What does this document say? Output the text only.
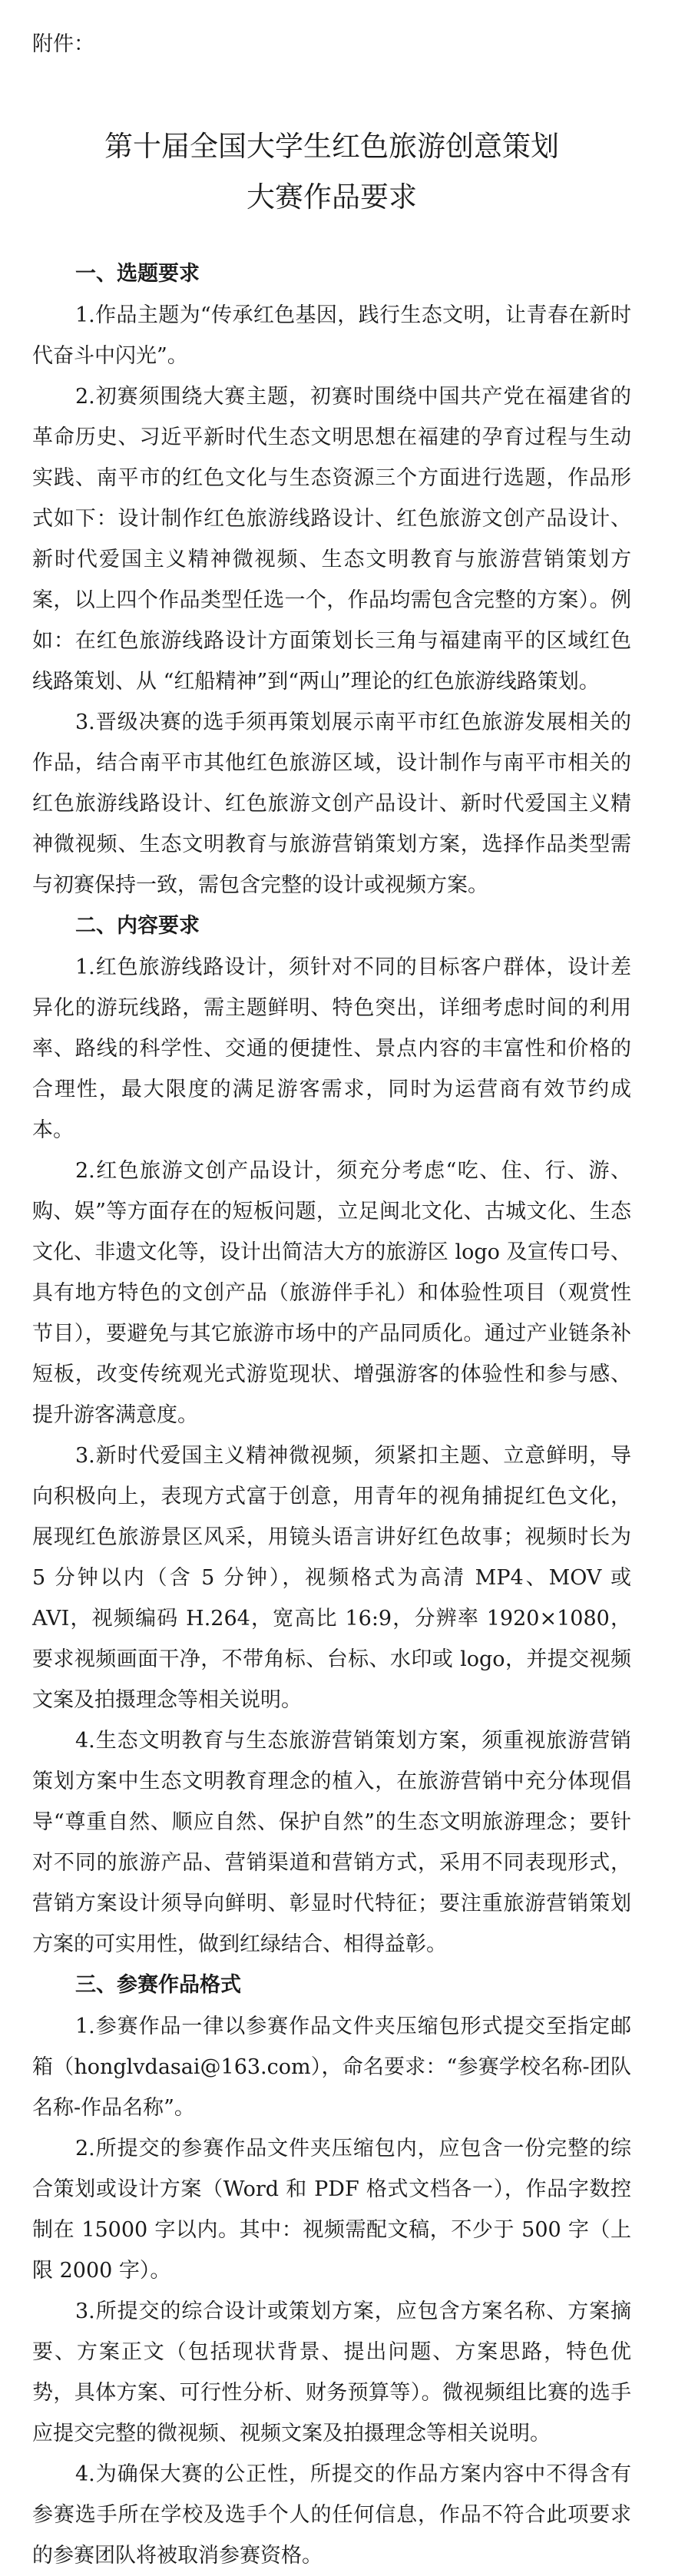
附件：

第十届全国大学生红色旅游创意策划

大赛作品要求

一、选题要求

1.作品主题为“传承红色基因，践行生态文明，让青春在新时代奋斗中闪光”。

2.初赛须围绕大赛主题，初赛时围绕中国共产党在福建省的革命历史、习近平新时代生态文明思想在福建的孕育过程与生动实践、南平市的红色文化与生态资源三个方面进行选题，作品形式如下：设计制作红色旅游线路设计、红色旅游文创产品设计、新时代爱国主义精神微视频、生态文明教育与旅游营销策划方案，以上四个作品类型任选一个，作品均需包含完整的方案）。例如：在红色旅游线路设计方面策划长三角与福建南平的区域红色线路策划、从 “红船精神”到“两山”理论的红色旅游线路策划。

3.晋级决赛的选手须再策划展示南平市红色旅游发展相关的作品，结合南平市其他红色旅游区域，设计制作与南平市相关的红色旅游线路设计、红色旅游文创产品设计、新时代爱国主义精神微视频、生态文明教育与旅游营销策划方案，选择作品类型需与初赛保持一致，需包含完整的设计或视频方案。

二、内容要求

1.红色旅游线路设计，须针对不同的目标客户群体，设计差异化的游玩线路，需主题鲜明、特色突出，详细考虑时间的利用率、路线的科学性、交通的便捷性、景点内容的丰富性和价格的合理性，最大限度的满足游客需求，同时为运营商有效节约成本。

2.红色旅游文创产品设计，须充分考虑“吃、住、行、游、购、娱”等方面存在的短板问题，立足闽北文化、古城文化、生态文化、非遗文化等，设计出简洁大方的旅游区 logo 及宣传口号、具有地方特色的文创产品（旅游伴手礼）和体验性项目（观赏性节目），要避免与其它旅游市场中的产品同质化。通过产业链条补短板，改变传统观光式游览现状、增强游客的体验性和参与感、提升游客满意度。

3.新时代爱国主义精神微视频，须紧扣主题、立意鲜明，导向积极向上，表现方式富于创意，用青年的视角捕捉红色文化，展现红色旅游景区风采，用镜头语言讲好红色故事；视频时长为 5 分钟以内（含 5 分钟），视频格式为高清 MP4、MOV 或 AVI，视频编码 H.264，宽高比 16:9，分辨率 1920×1080，要求视频画面干净，不带角标、台标、水印或 logo，并提交视频文案及拍摄理念等相关说明。

4.生态文明教育与生态旅游营销策划方案，须重视旅游营销策划方案中生态文明教育理念的植入，在旅游营销中充分体现倡导“尊重自然、顺应自然、保护自然”的生态文明旅游理念；要针对不同的旅游产品、营销渠道和营销方式，采用不同表现形式，营销方案设计须导向鲜明、彰显时代特征；要注重旅游营销策划方案的可实用性，做到红绿结合、相得益彰。

三、参赛作品格式

1.参赛作品一律以参赛作品文件夹压缩包形式提交至指定邮箱（honglvdasai@163.com），命名要求：“参赛学校名称-团队名称-作品名称”。

2.所提交的参赛作品文件夹压缩包内，应包含一份完整的综合策划或设计方案（Word 和 PDF 格式文档各一），作品字数控制在 15000 字以内。其中：视频需配文稿，不少于 500 字（上限 2000 字）。

3.所提交的综合设计或策划方案，应包含方案名称、方案摘要、方案正文（包括现状背景、提出问题、方案思路，特色优势，具体方案、可行性分析、财务预算等）。微视频组比赛的选手应提交完整的微视频、视频文案及拍摄理念等相关说明。

4.为确保大赛的公正性，所提交的作品方案内容中不得含有参赛选手所在学校及选手个人的任何信息，作品不符合此项要求的参赛团队将被取消参赛资格。
